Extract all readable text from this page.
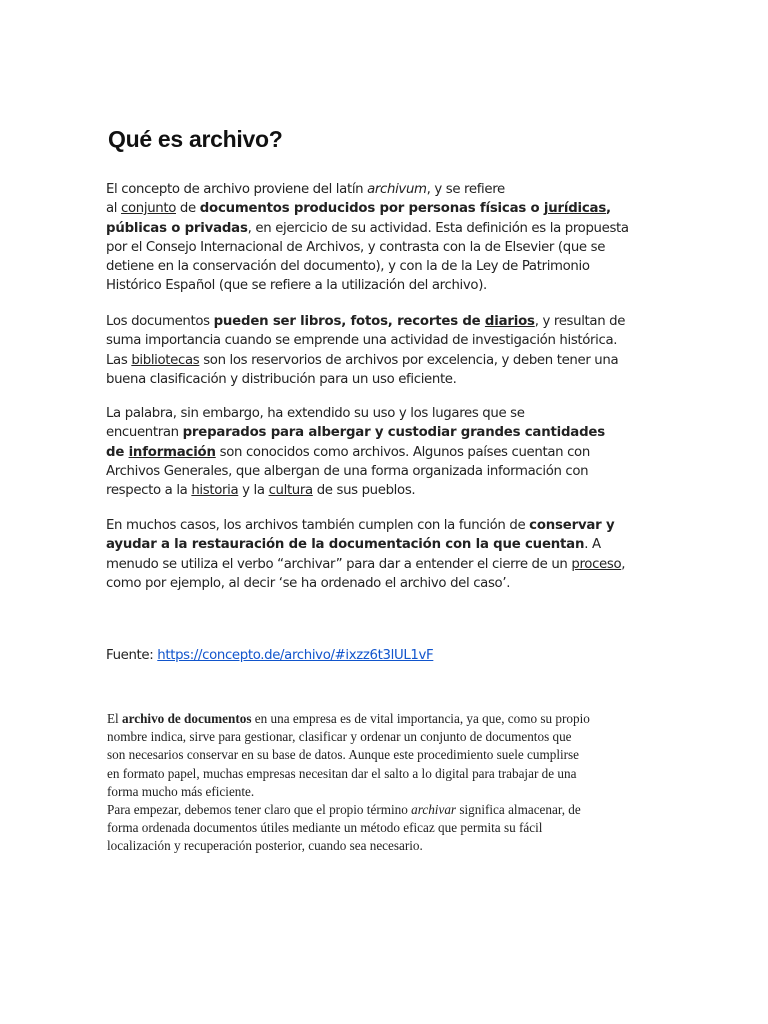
Qué es archivo?
El concepto de archivo proviene del latín archivum, y se refiere
al conjunto de documentos producidos por personas físicas o jurídicas,
públicas o privadas, en ejercicio de su actividad. Esta definición es la propuesta
por el Consejo Internacional de Archivos, y contrasta con la de Elsevier (que se
detiene en la conservación del documento), y con la de la Ley de Patrimonio
Histórico Español (que se refiere a la utilización del archivo).
Los documentos pueden ser libros, fotos, recortes de diarios, y resultan de
suma importancia cuando se emprende una actividad de investigación histórica.
Las bibliotecas son los reservorios de archivos por excelencia, y deben tener una
buena clasificación y distribución para un uso eficiente.
La palabra, sin embargo, ha extendido su uso y los lugares que se
encuentran preparados para albergar y custodiar grandes cantidades
de información son conocidos como archivos. Algunos países cuentan con
Archivos Generales, que albergan de una forma organizada información con
respecto a la historia y la cultura de sus pueblos.
En muchos casos, los archivos también cumplen con la función de conservar y
ayudar a la restauración de la documentación con la que cuentan. A
menudo se utiliza el verbo “archivar” para dar a entender el cierre de un proceso,
como por ejemplo, al decir ‘se ha ordenado el archivo del caso’.
Fuente: https://concepto.de/archivo/#ixzz6t3lUL1vF
El archivo de documentos en una empresa es de vital importancia, ya que, como su propio
nombre indica, sirve para gestionar, clasificar y ordenar un conjunto de documentos que
son necesarios conservar en su base de datos. Aunque este procedimiento suele cumplirse
en formato papel, muchas empresas necesitan dar el salto a lo digital para trabajar de una
forma mucho más eficiente.
Para empezar, debemos tener claro que el propio término archivar significa almacenar, de
forma ordenada documentos útiles mediante un método eficaz que permita su fácil
localización y recuperación posterior, cuando sea necesario.
